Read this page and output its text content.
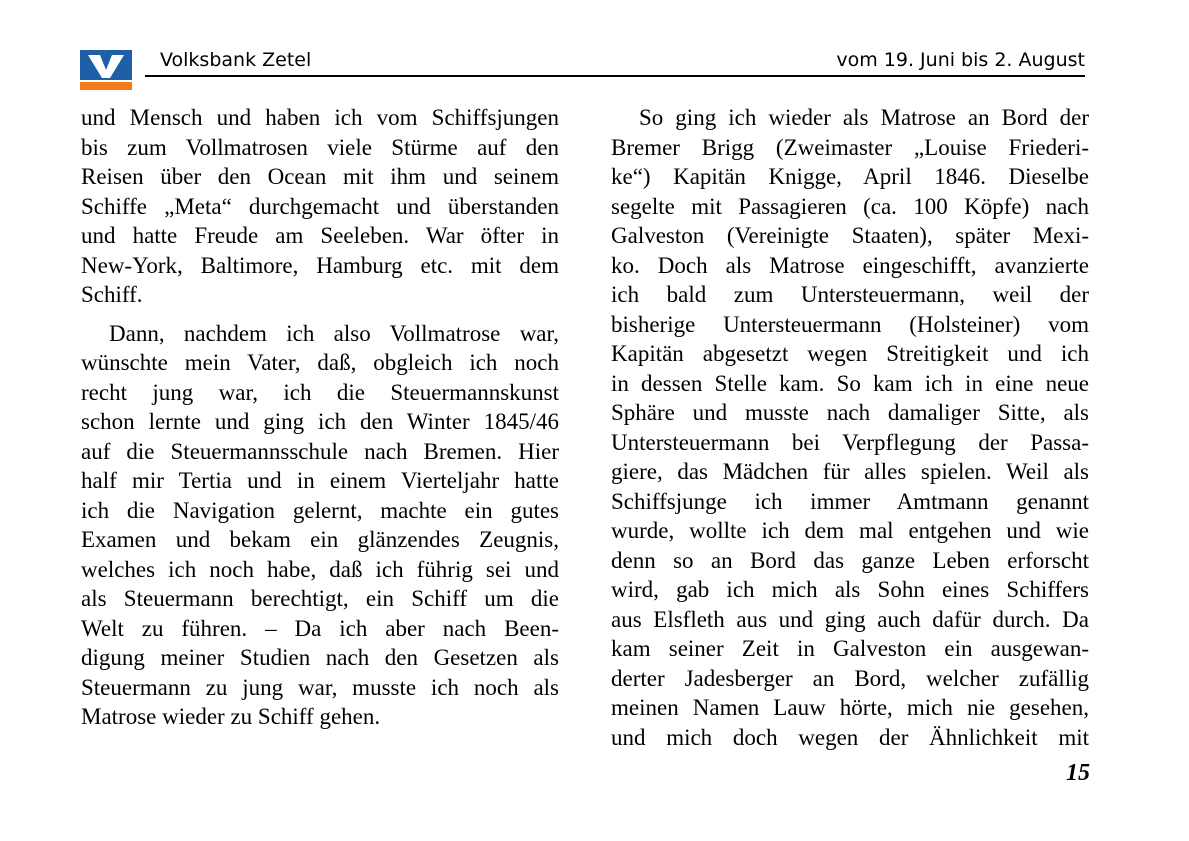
Volksbank Zetel	vom 19. Juni bis 2. August
und Mensch und haben ich vom Schiffsjungen
bis zum Vollmatrosen viele Stürme auf den
Reisen über den Ocean mit ihm und seinem
Schiffe „Meta“ durchgemacht und überstanden
und hatte Freude am Seeleben. War öfter in
New-York, Baltimore, Hamburg etc. mit dem
Schiff.
Dann, nachdem ich also Vollmatrose war,
wünschte mein Vater, daß, obgleich ich noch
recht jung war, ich die Steuermannskunst
schon lernte und ging ich den Winter 1845/46
auf die Steuermannsschule nach Bremen. Hier
half mir Tertia und in einem Vierteljahr hatte
ich die Navigation gelernt, machte ein gutes
Examen und bekam ein glänzendes Zeugnis,
welches ich noch habe, daß ich führig sei und
als Steuermann berechtigt, ein Schiff um die
Welt zu führen. – Da ich aber nach Been-
digung meiner Studien nach den Gesetzen als
Steuermann zu jung war, musste ich noch als
Matrose wieder zu Schiff gehen.
So ging ich wieder als Matrose an Bord der
Bremer Brigg (Zweimaster „Louise Friederi-
ke“) Kapitän Knigge, April 1846. Dieselbe
segelte mit Passagieren (ca. 100 Köpfe) nach
Galveston (Vereinigte Staaten), später Mexi-
ko. Doch als Matrose eingeschifft, avanzierte
ich bald zum Untersteuermann, weil der
bisherige Untersteuermann (Holsteiner) vom
Kapitän abgesetzt wegen Streitigkeit und ich
in dessen Stelle kam. So kam ich in eine neue
Sphäre und musste nach damaliger Sitte, als
Untersteuermann bei Verpflegung der Passa-
giere, das Mädchen für alles spielen. Weil als
Schiffsjunge ich immer Amtmann genannt
wurde, wollte ich dem mal entgehen und wie
denn so an Bord das ganze Leben erforscht
wird, gab ich mich als Sohn eines Schiffers
aus Elsfleth aus und ging auch dafür durch. Da
kam seiner Zeit in Galveston ein ausgewan-
derter Jadesberger an Bord, welcher zufällig
meinen Namen Lauw hörte, mich nie gesehen,
und mich doch wegen der Ähnlichkeit mit
15
